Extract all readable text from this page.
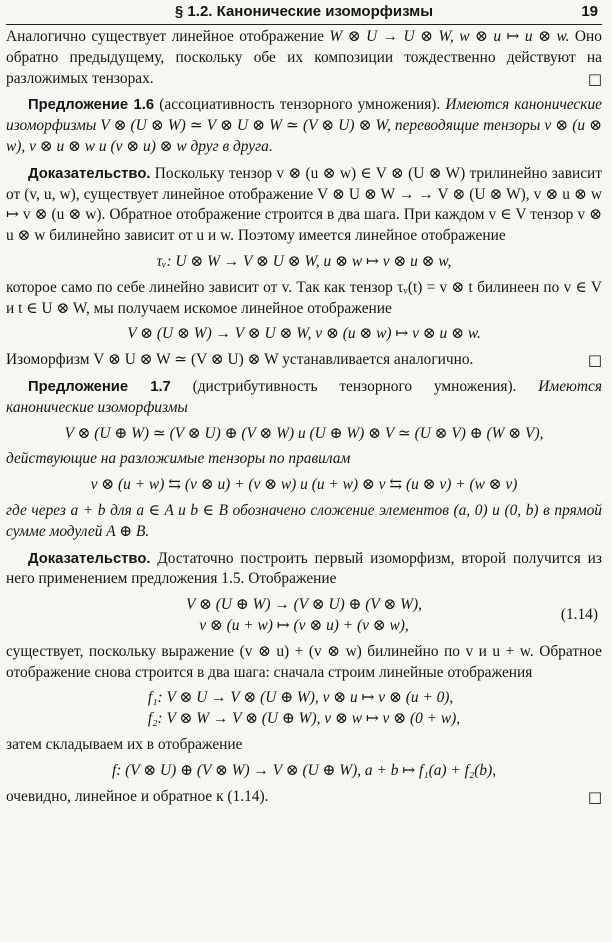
§ 1.2. Канонические изоморфизмы	19

Аналогично существует линейное отображение W ⊗ U → U ⊗ W, w ⊗ u ↦ u ⊗ w. Оно обратно предыдущему, поскольку обе их композиции тождественно действуют на разложимых тензорах.	□

Предложение 1.6 (ассоциативность тензорного умножения). Имеются канонические изоморфизмы V ⊗ (U ⊗ W) ≃ V ⊗ U ⊗ W ≃ (V ⊗ U) ⊗ W, переводящие тензоры v ⊗ (u ⊗ w), v ⊗ u ⊗ w и (v ⊗ u) ⊗ w друг в друга.

Доказательство. Поскольку тензор v ⊗ (u ⊗ w) ∈ V ⊗ (U ⊗ W) трилинейно зависит от (v, u, w), существует линейное отображение V ⊗ U ⊗ W → → V ⊗ (U ⊗ W), v ⊗ u ⊗ w ↦ v ⊗ (u ⊗ w). Обратное отображение строится в два шага. При каждом v ∈ V тензор v ⊗ u ⊗ w билинейно зависит от u и w. Поэтому имеется линейное отображение

τᵥ: U ⊗ W → V ⊗ U ⊗ W, u ⊗ w ↦ v ⊗ u ⊗ w,

которое само по себе линейно зависит от v. Так как тензор τᵥ(t) = v ⊗ t билинеен по v ∈ V и t ∈ U ⊗ W, мы получаем искомое линейное отображение

V ⊗ (U ⊗ W) → V ⊗ U ⊗ W, v ⊗ (u ⊗ w) ↦ v ⊗ u ⊗ w.

Изоморфизм V ⊗ U ⊗ W ≃ (V ⊗ U) ⊗ W устанавливается аналогично.	□

Предложение 1.7 (дистрибутивность тензорного умножения). Имеются канонические изоморфизмы

V ⊗ (U ⊕ W) ≃ (V ⊗ U) ⊕ (V ⊗ W) и (U ⊕ W) ⊗ V ≃ (U ⊗ V) ⊕ (W ⊗ V),

действующие на разложимые тензоры по правилам

v ⊗ (u + w) ⇆ (v ⊗ u) + (v ⊗ w) и (u + w) ⊗ v ⇆ (u ⊗ v) + (w ⊗ v)

где через a + b для a ∈ A и b ∈ B обозначено сложение элементов (a, 0) и (0, b) в прямой сумме модулей A ⊕ B.

Доказательство. Достаточно построить первый изоморфизм, второй получится из него применением предложения 1.5. Отображение

V ⊗ (U ⊕ W) → (V ⊗ U) ⊕ (V ⊗ W),
v ⊗ (u + w) ↦ (v ⊗ u) + (v ⊗ w),
(1.14)

существует, поскольку выражение (v ⊗ u) + (v ⊗ w) билинейно по v и u + w. Обратное отображение снова строится в два шага: сначала строим линейные отображения

f₁: V ⊗ U → V ⊗ (U ⊕ W), v ⊗ u ↦ v ⊗ (u + 0),
f₂: V ⊗ W → V ⊗ (U ⊕ W), v ⊗ w ↦ v ⊗ (0 + w),

затем складываем их в отображение

f: (V ⊗ U) ⊕ (V ⊗ W) → V ⊗ (U ⊕ W), a + b ↦ f₁(a) + f₂(b),

очевидно, линейное и обратное к (1.14).	□
